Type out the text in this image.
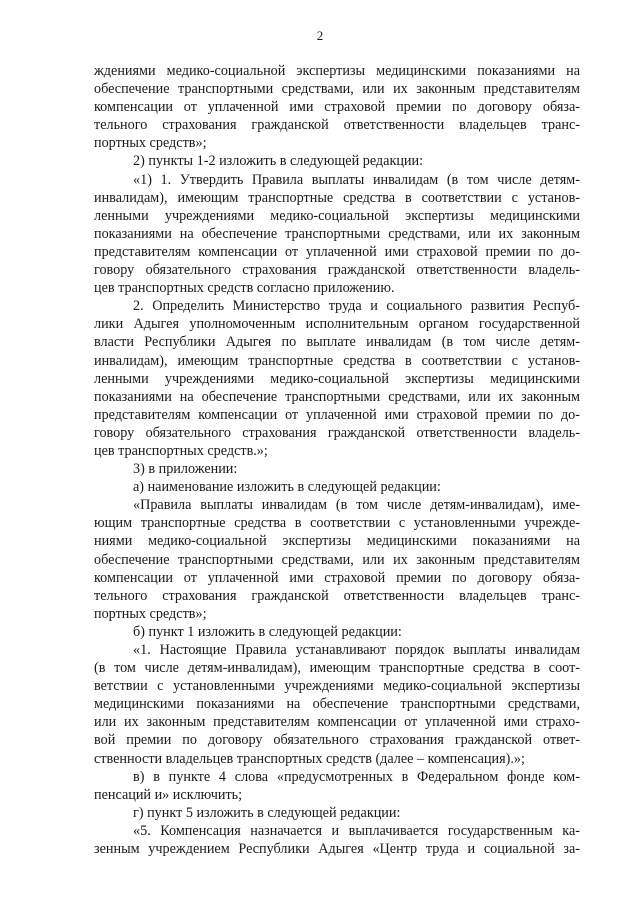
2
ждениями медико-социальной экспертизы медицинскими показаниями на
обеспечение транспортными средствами, или их законным представителям
компенсации от уплаченной ими страховой премии по договору обяза-
тельного страхования гражданской ответственности владельцев транс-
портных средств»;
2) пункты 1-2 изложить в следующей редакции:
«1) 1. Утвердить Правила выплаты инвалидам (в том числе детям-
инвалидам), имеющим транспортные средства в соответствии с установ-
ленными учреждениями медико-социальной экспертизы медицинскими
показаниями на обеспечение транспортными средствами, или их законным
представителям компенсации от уплаченной ими страховой премии по до-
говору обязательного страхования гражданской ответственности владель-
цев транспортных средств согласно приложению.
2. Определить Министерство труда и социального развития Респуб-
лики Адыгея уполномоченным исполнительным органом государственной
власти Республики Адыгея по выплате инвалидам (в том числе детям-
инвалидам), имеющим транспортные средства в соответствии с установ-
ленными учреждениями медико-социальной экспертизы медицинскими
показаниями на обеспечение транспортными средствами, или их законным
представителям компенсации от уплаченной ими страховой премии по до-
говору обязательного страхования гражданской ответственности владель-
цев транспортных средств.»;
3) в приложении:
а) наименование изложить в следующей редакции:
«Правила выплаты инвалидам (в том числе детям-инвалидам), име-
ющим транспортные средства в соответствии с установленными учрежде-
ниями медико-социальной экспертизы медицинскими показаниями на
обеспечение транспортными средствами, или их законным представителям
компенсации от уплаченной ими страховой премии по договору обяза-
тельного страхования гражданской ответственности владельцев транс-
портных средств»;
б) пункт 1 изложить в следующей редакции:
«1. Настоящие Правила устанавливают порядок выплаты инвалидам
(в том числе детям-инвалидам), имеющим транспортные средства в соот-
ветствии с установленными учреждениями медико-социальной экспертизы
медицинскими показаниями на обеспечение транспортными средствами,
или их законным представителям компенсации от уплаченной ими страхо-
вой премии по договору обязательного страхования гражданской ответ-
ственности владельцев транспортных средств (далее – компенсация).»;
в) в пункте 4 слова «предусмотренных в Федеральном фонде ком-
пенсаций и» исключить;
г) пункт 5 изложить в следующей редакции:
«5. Компенсация назначается и выплачивается государственным ка-
зенным учреждением Республики Адыгея «Центр труда и социальной за-
